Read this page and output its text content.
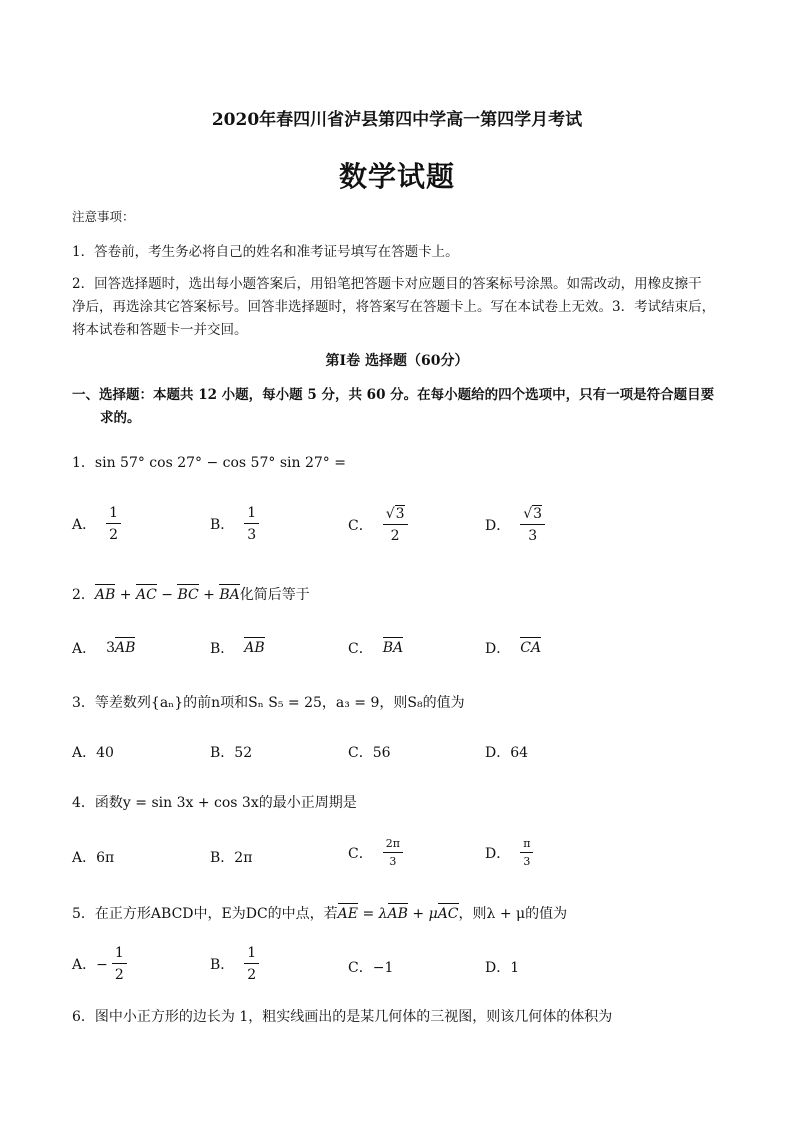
2020年春四川省泸县第四中学高一第四学月考试
数学试题
注意事项：
1．答卷前，考生务必将自己的姓名和准考证号填写在答题卡上。
2．回答选择题时，选出每小题答案后，用铅笔把答题卡对应题目的答案标号涂黑。如需改动，用橡皮擦干
净后，再选涂其它答案标号。回答非选择题时，将答案写在答题卡上。写在本试卷上无效。3．考试结束后，
将本试卷和答题卡一并交回。
第Ⅰ卷 选择题（60分）
一、选择题：本题共 12 小题，每小题 5 分，共 60 分。在每小题给的四个选项中，只有一项是符合题目要
求的。
1．sin 57° cos 27° − cos 57° sin 27° =
A． $\frac{1}{2}$	B． $\frac{1}{3}$	C． $\frac{√3}{2}$	D． $\frac{√3}{3}$
2．AB + AC − BC + BA化简后等于
A． 3 AB	B． AB	C． BA	D． CA
3．等差数列{aₙ}的前n项和Sₙ S₅ = 25，a₃ = 9，则S₈的值为
A．40	B．52	C．56	D．64
4．函数y = sin 3x + cos 3x的最小正周期是
A．6π	B．2π	C． $\frac{2\pi}{3}$	D． $\frac{\pi}{3}$
5．在正方形ABCD中，E为DC的中点，若AE = λAB + μAC，则λ + μ的值为
A．− $\frac{1}{2}$	B． $\frac{1}{2}$	C．−1	D．1
6．图中小正方形的边长为 1，粗实线画出的是某几何体的三视图，则该几何体的体积为
